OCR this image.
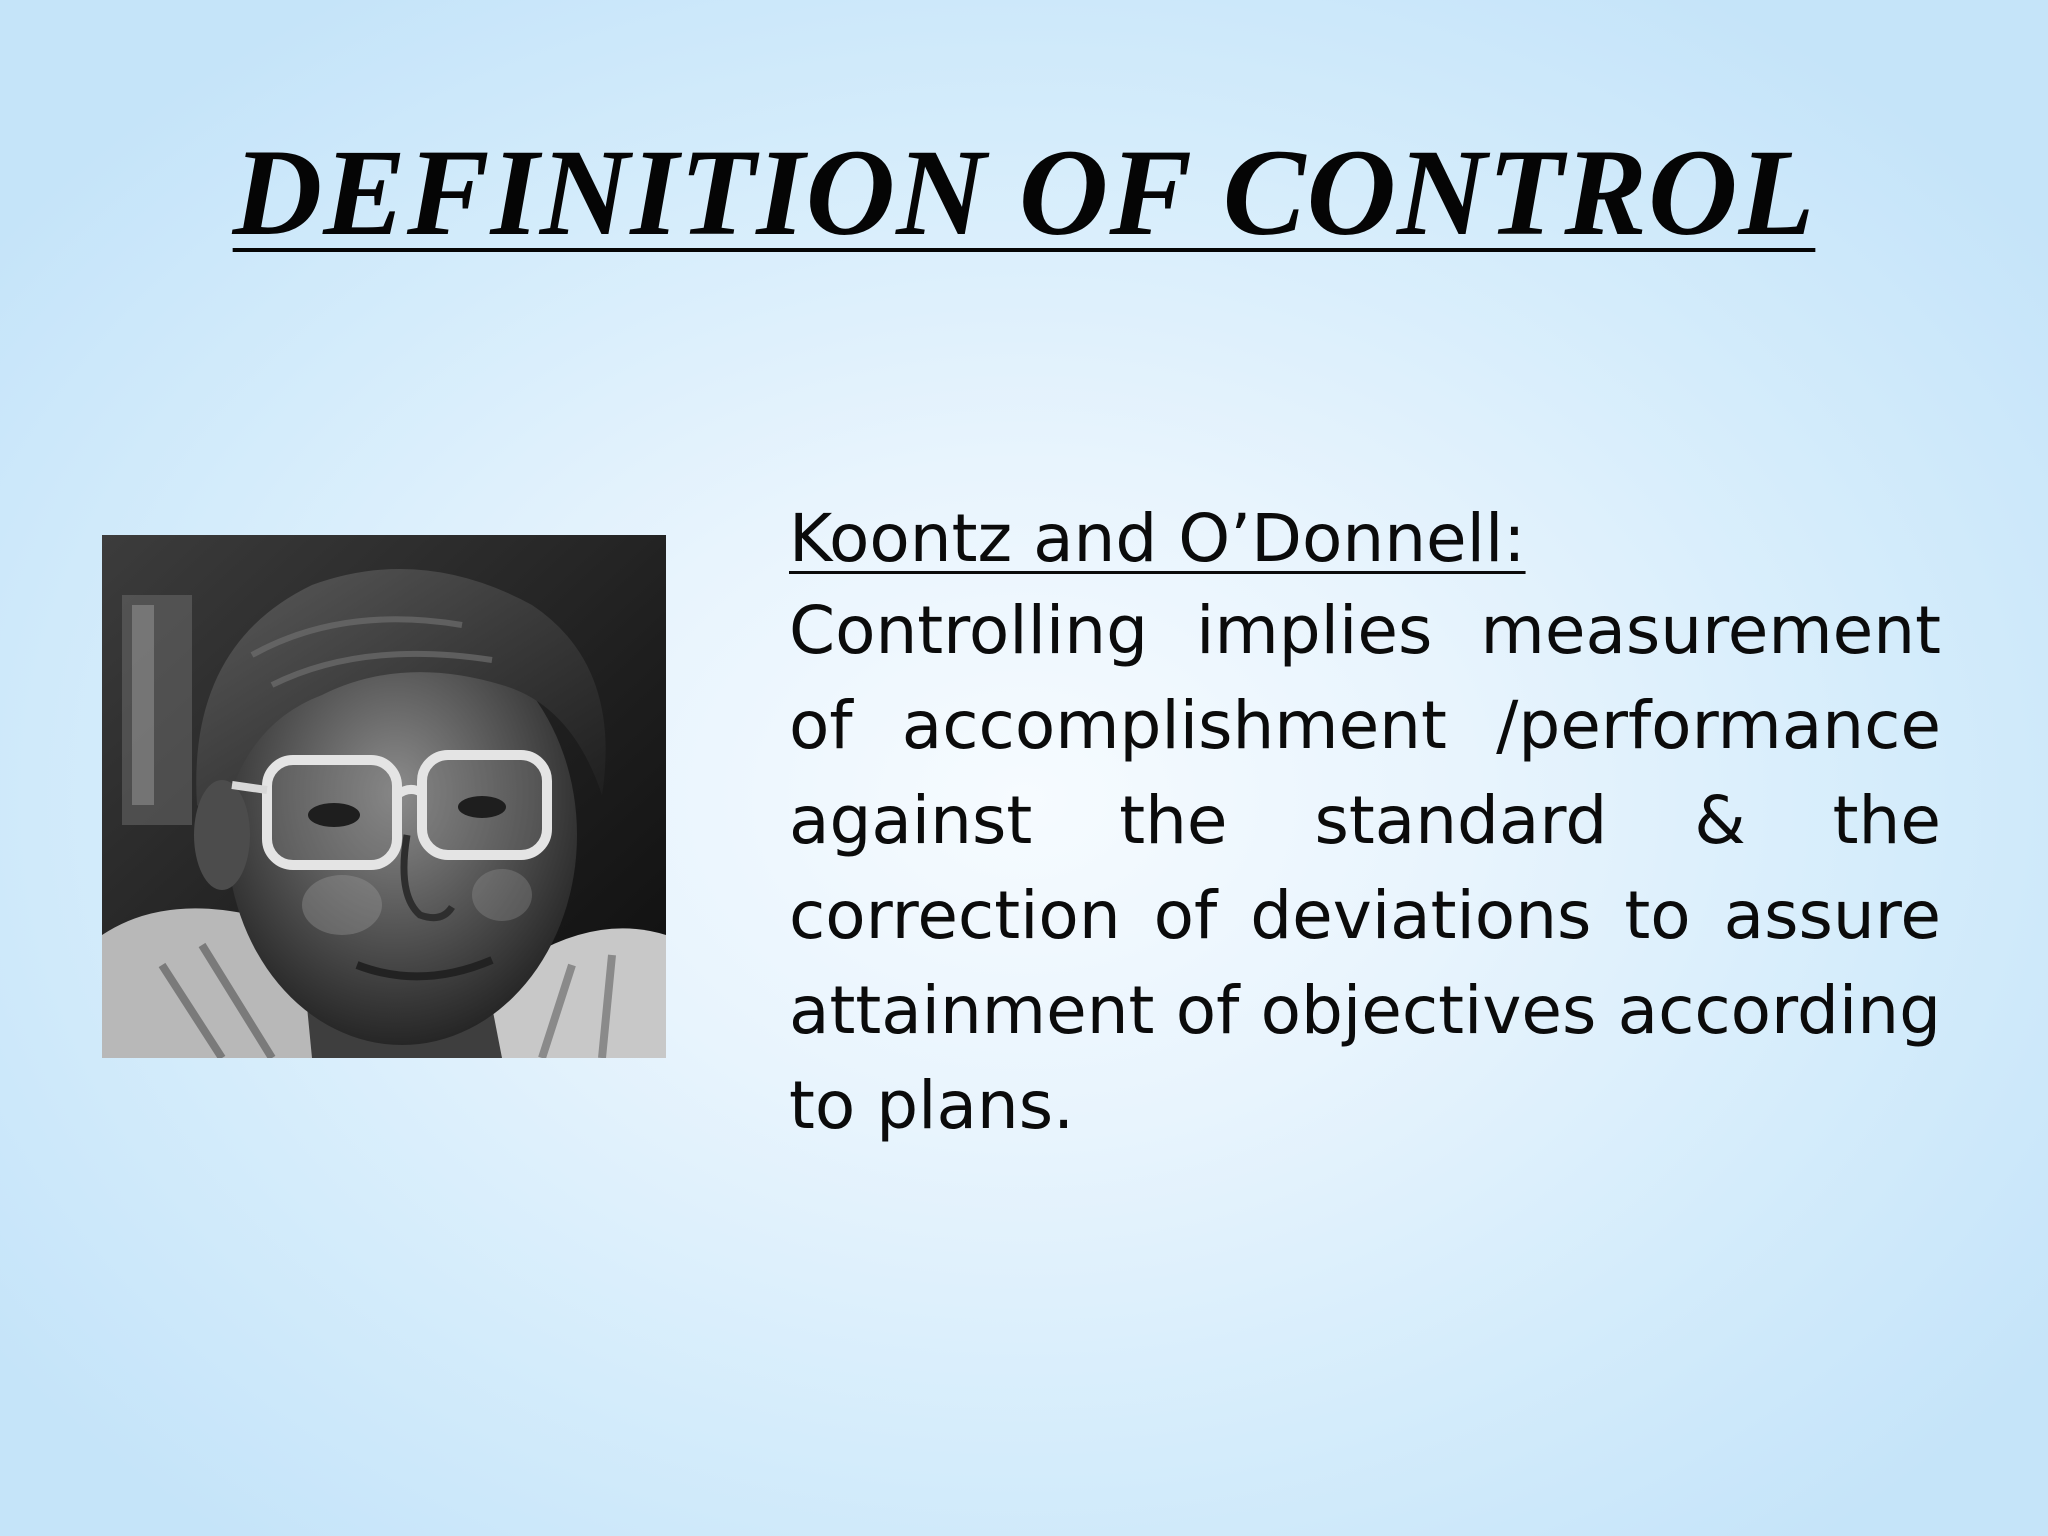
DEFINITION OF CONTROL
Koontz and O’Donnell:

Controlling implies measurement of accomplishment /performance against the standard & the correction of deviations to assure attainment of objectives according to plans.
